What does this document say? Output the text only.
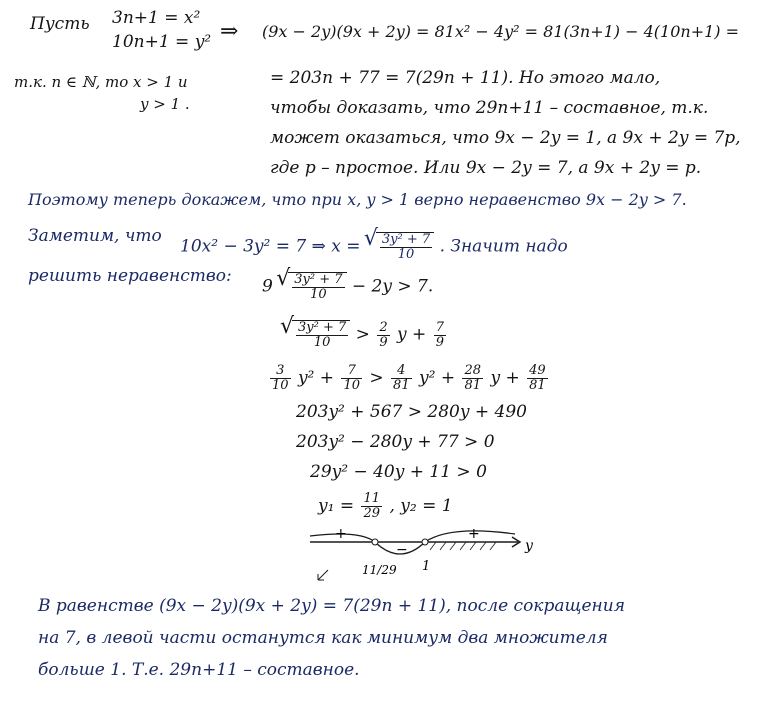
Пусть 3n+1 = x²
10n+1 = y² ⇒ (9x − 2y)(9x + 2y) = 81x² − 4y² = 81(3n+1) − 4(10n+1) =
т.к. n ∈ ℕ, то x > 1 и
y > 1 .
= 203n + 77 = 7(29n + 11). Но этого мало,
чтобы доказать, что 29n+11 – составное, т.к.
может оказаться, что 9x − 2y = 1, а 9x + 2y = 7p,
где p – простое. Или 9x − 2y = 7, а 9x + 2y = p.
Поэтому теперь докажем, что при x, y > 1 верно неравенство 9x − 2y > 7.
Заметим, что
10x² − 3y² = 7 ⇒ x = √ $\frac{\text{3y² + 7}}{10}$ . Значит надо
решить неравенство:
9 √ $\frac{\text{3y² + 7}}{10} - 2y > 7$.
√ $\frac{\text{3y² + 7}}{10} > \frac{2}{9}$ $y + \frac{7}{9}$
$\frac{3}{10} y^2 + \frac{7}{10} > \frac{4}{81} y^2 + \frac{28}{81}$ $y + \frac{49}{81}$
203y² + 567 > 280y + 490
203y² − 280y + 77 > 0
29y² − 40y + 11 > 0
$y_1 = \frac{11}{29}$ , y₂ = 1
+
−
+
11/29 1
y
В равенстве (9x − 2y)(9x + 2y) = 7(29n + 11), после сокращения
на 7, в левой части останутся как минимум два множителя
больше 1. Т.е. 29n+11 – составное.
